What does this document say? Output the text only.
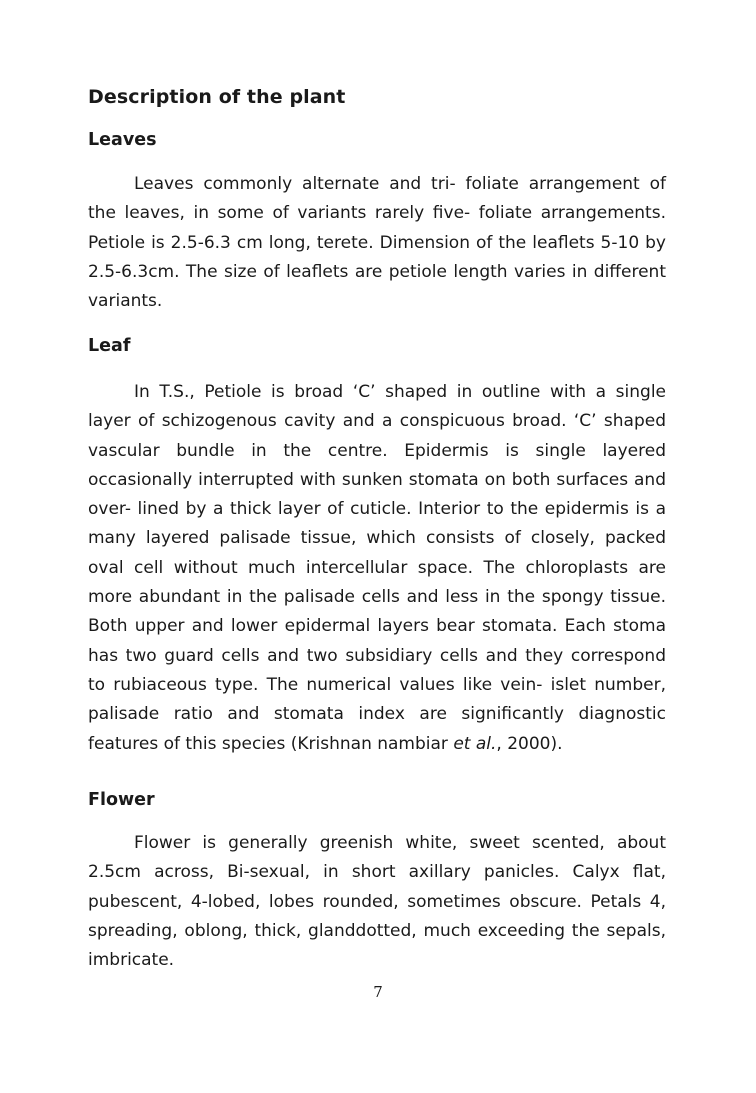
Description of the plant
Leaves

Leaves commonly alternate and tri- foliate arrangement of the leaves, in some of variants rarely five- foliate arrangements. Petiole is 2.5-6.3 cm long, terete. Dimension of the leaflets 5-10 by 2.5-6.3cm. The size of leaflets are petiole length varies in different variants.

Leaf

In T.S., Petiole is broad ‘C’ shaped in outline with a single layer of schizogenous cavity and a conspicuous broad. ‘C’ shaped vascular bundle in the centre. Epidermis is single layered occasionally interrupted with sunken stomata on both surfaces and over- lined by a thick layer of cuticle. Interior to the epidermis is a many layered palisade tissue, which consists of closely, packed oval cell without much intercellular space. The chloroplasts are more abundant in the palisade cells and less in the spongy tissue. Both upper and lower epidermal layers bear stomata. Each stoma has two guard cells and two subsidiary cells and they correspond to rubiaceous type. The numerical values like vein- islet number, palisade ratio and stomata index are significantly diagnostic features of this species (Krishnan nambiar et al., 2000).

Flower

Flower is generally greenish white, sweet scented, about 2.5cm across, Bi-sexual, in short axillary panicles. Calyx flat, pubescent, 4-lobed, lobes rounded, sometimes obscure. Petals 4, spreading, oblong, thick, glanddotted, much exceeding the sepals, imbricate.

7
